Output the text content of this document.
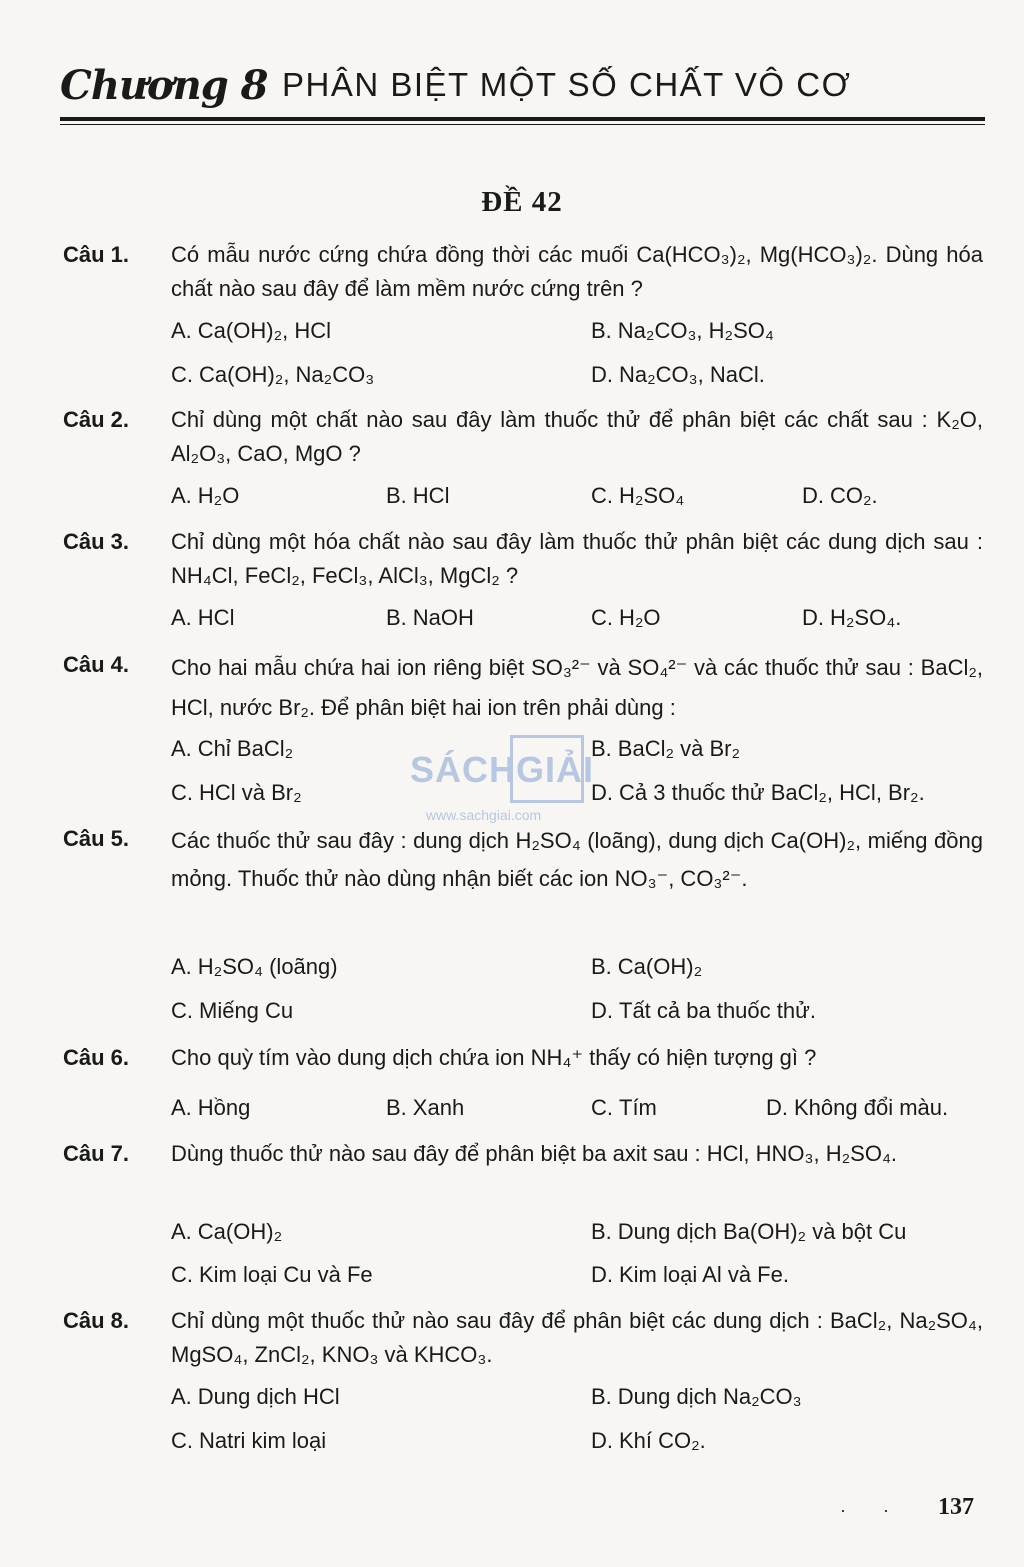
Chương 8 PHÂN BIỆT MỘT SỐ CHẤT VÔ CƠ
ĐỀ 42
Câu 1. Có mẫu nước cứng chứa đồng thời các muối Ca(HCO₃)₂, Mg(HCO₃)₂. Dùng hóa chất nào sau đây để làm mềm nước cứng trên ?
A. Ca(OH)₂, HCl	B. Na₂CO₃, H₂SO₄
C. Ca(OH)₂, Na₂CO₃	D. Na₂CO₃, NaCl.
Câu 2. Chỉ dùng một chất nào sau đây làm thuốc thử để phân biệt các chất sau : K₂O, Al₂O₃, CaO, MgO ?
A. H₂O	B. HCl	C. H₂SO₄	D. CO₂.
Câu 3. Chỉ dùng một hóa chất nào sau đây làm thuốc thử phân biệt các dung dịch sau : NH₄Cl, FeCl₂, FeCl₃, AlCl₃, MgCl₂ ?
A. HCl	B. NaOH	C. H₂O	D. H₂SO₄.
Câu 4. Cho hai mẫu chứa hai ion riêng biệt SO₃²⁻ và SO₄²⁻ và các thuốc thử sau : BaCl₂, HCl, nước Br₂. Để phân biệt hai ion trên phải dùng :
A. Chỉ BaCl₂	B. BaCl₂ và Br₂
C. HCl và Br₂	D. Cả 3 thuốc thử BaCl₂, HCl, Br₂.
Câu 5. Các thuốc thử sau đây : dung dịch H₂SO₄ (loãng), dung dịch Ca(OH)₂, miếng đồng mỏng. Thuốc thử nào dùng nhận biết các ion NO₃⁻, CO₃²⁻.
A. H₂SO₄ (loãng)	B. Ca(OH)₂
C. Miếng Cu	D. Tất cả ba thuốc thử.
Câu 6. Cho quỳ tím vào dung dịch chứa ion NH₄⁺ thấy có hiện tượng gì ?
A. Hồng	B. Xanh	C. Tím	D. Không đổi màu.
Câu 7. Dùng thuốc thử nào sau đây để phân biệt ba axit sau : HCl, HNO₃, H₂SO₄.
A. Ca(OH)₂	B. Dung dịch Ba(OH)₂ và bột Cu
C. Kim loại Cu và Fe	D. Kim loại Al và Fe.
Câu 8. Chỉ dùng một thuốc thử nào sau đây để phân biệt các dung dịch : BaCl₂, Na₂SO₄, MgSO₄, ZnCl₂, KNO₃ và KHCO₃.
A. Dung dịch HCl	B. Dung dịch Na₂CO₃
C. Natri kim loại	D. Khí CO₂.
SÁCHGIẢI
www.sachgiai.com
· · 137
